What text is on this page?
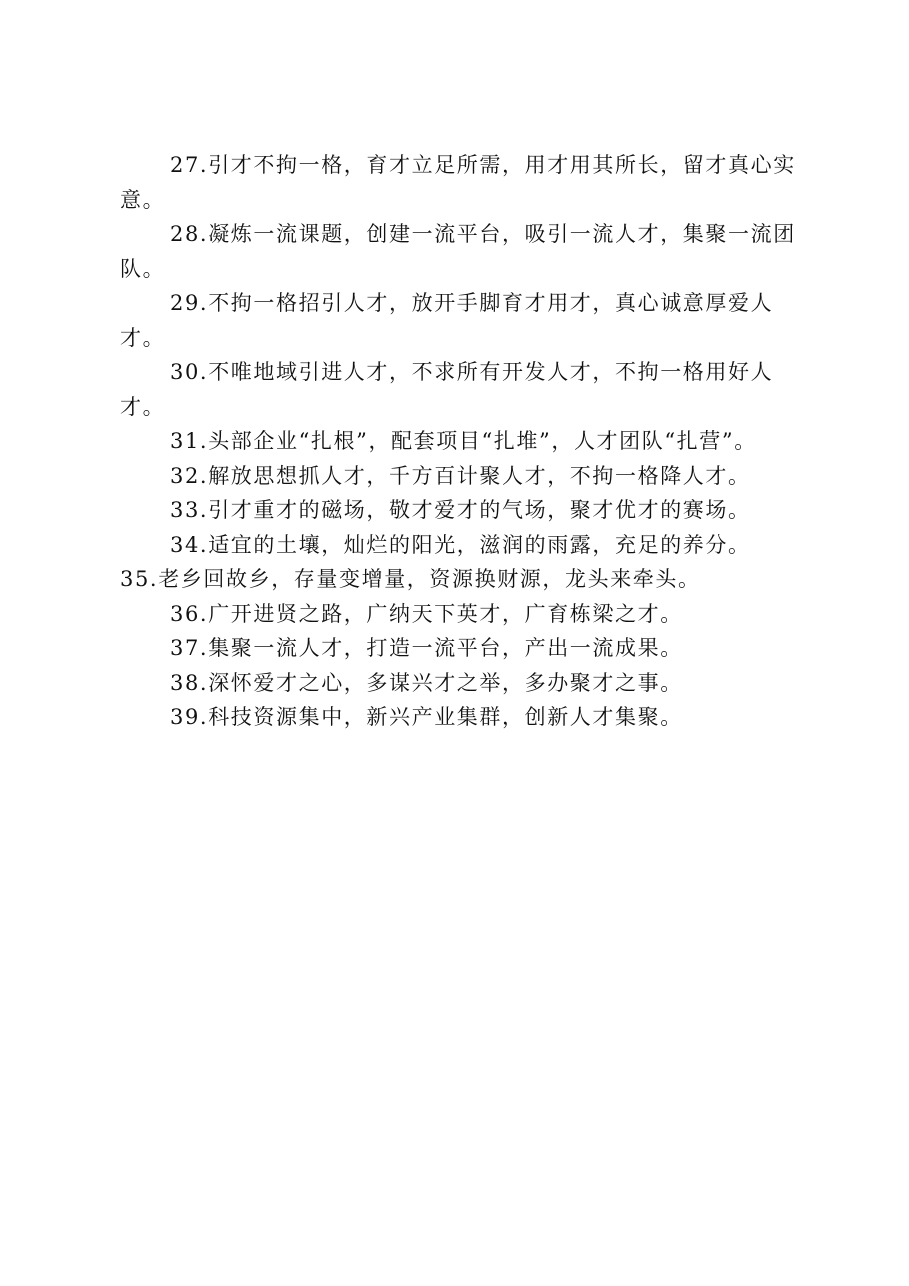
27.引才不拘一格，育才立足所需，用才用其所长，留才真心实意。

28.凝炼一流课题，创建一流平台，吸引一流人才，集聚一流团队。

29.不拘一格招引人才，放开手脚育才用才，真心诚意厚爱人才。

30.不唯地域引进人才，不求所有开发人才，不拘一格用好人才。

31.头部企业“扎根”，配套项目“扎堆”，人才团队“扎营”。

32.解放思想抓人才，千方百计聚人才，不拘一格降人才。

33.引才重才的磁场，敬才爱才的气场，聚才优才的赛场。

34.适宜的土壤，灿烂的阳光，滋润的雨露，充足的养分。

35.老乡回故乡，存量变增量，资源换财源，龙头来牵头。

36.广开进贤之路，广纳天下英才，广育栋梁之才。

37.集聚一流人才，打造一流平台，产出一流成果。

38.深怀爱才之心，多谋兴才之举，多办聚才之事。

39.科技资源集中，新兴产业集群，创新人才集聚。
